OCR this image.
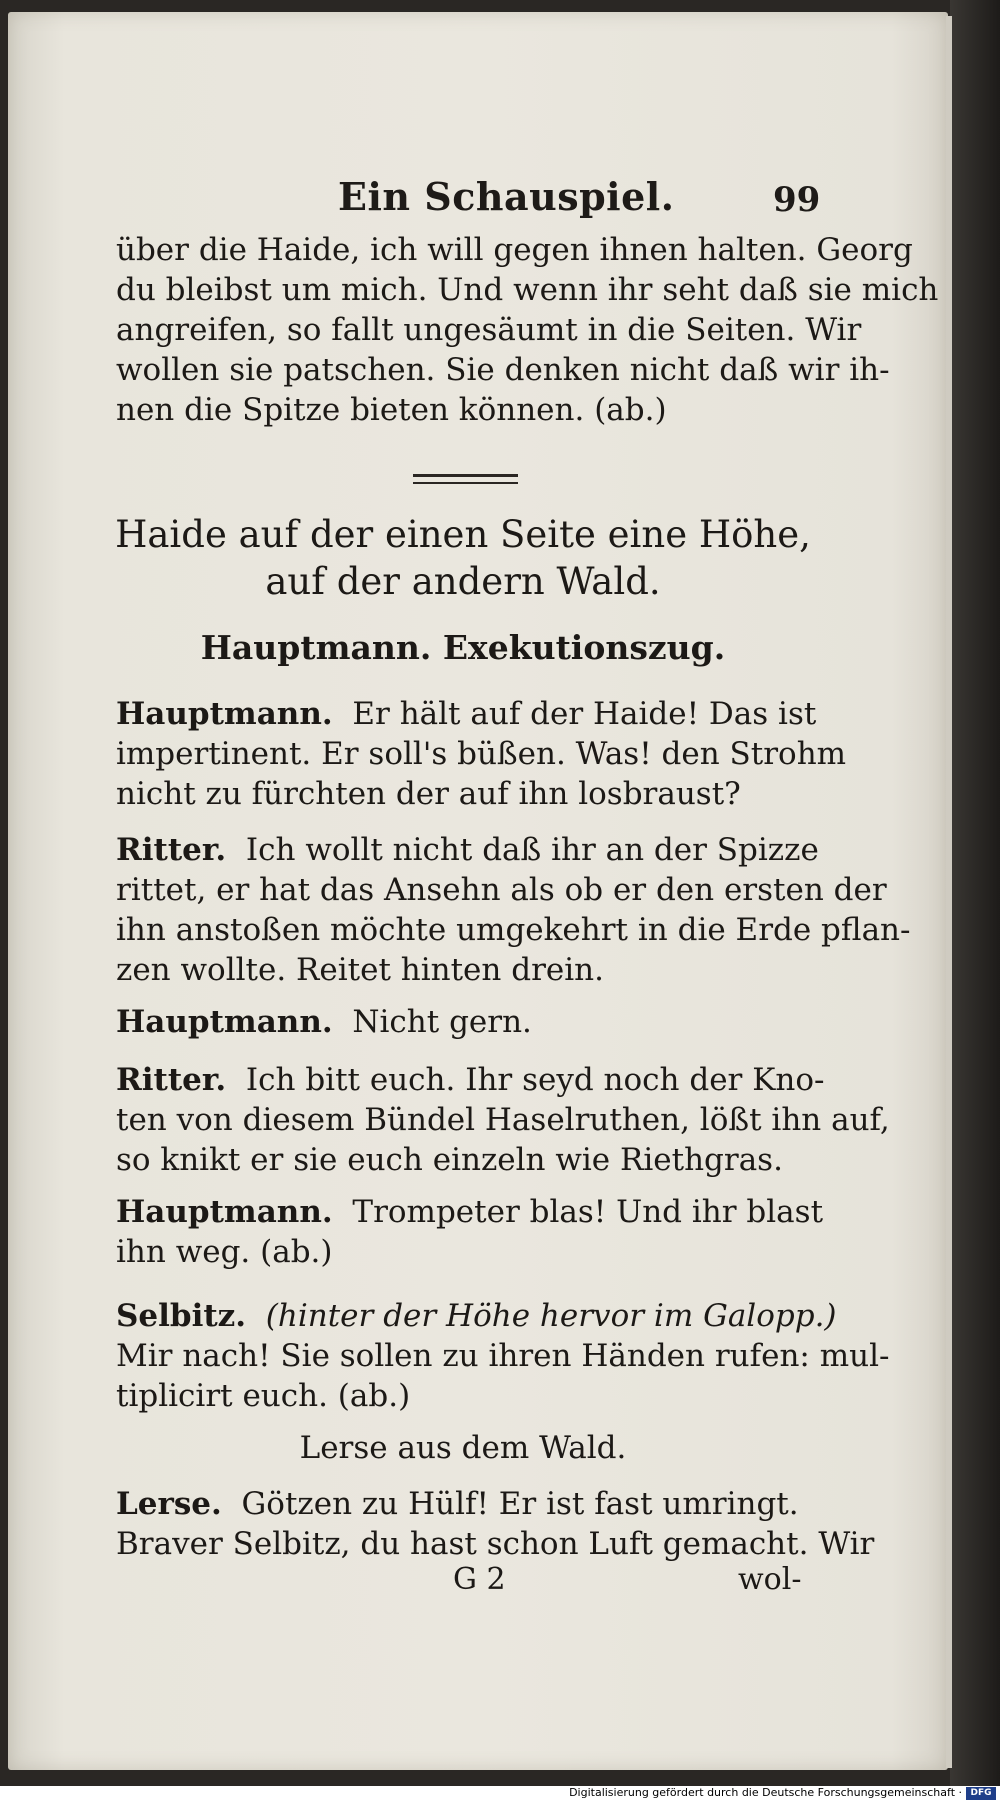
Ein Schauspiel.	99
über die Haide, ich will gegen ihnen halten. Georg
du bleibst um mich. Und wenn ihr seht daß sie mich
angreifen, so fallt ungesäumt in die Seiten. Wir
wollen sie patschen. Sie denken nicht daß wir ih-
nen die Spitze bieten können. (ab.)
Haide auf der einen Seite eine Höhe,
auf der andern Wald.
Hauptmann. Exekutionszug.
Hauptmann. Er hält auf der Haide! Das ist
impertinent. Er soll's büßen. Was! den Strohm
nicht zu fürchten der auf ihn losbraust?
Ritter. Ich wollt nicht daß ihr an der Spizze
rittet, er hat das Ansehn als ob er den ersten der
ihn anstoßen möchte umgekehrt in die Erde pflan-
zen wollte. Reitet hinten drein.
Hauptmann. Nicht gern.
Ritter. Ich bitt euch. Ihr seyd noch der Kno-
ten von diesem Bündel Haselruthen, lößt ihn auf,
so knikt er sie euch einzeln wie Riethgras.
Hauptmann. Trompeter blas! Und ihr blast
ihn weg. (ab.)
Selbitz. (hinter der Höhe hervor im Galopp.)
Mir nach! Sie sollen zu ihren Händen rufen: mul-
tiplicirt euch. (ab.)
Lerse aus dem Wald.
Lerse. Götzen zu Hülf! Er ist fast umringt.
Braver Selbitz, du hast schon Luft gemacht. Wir
G 2	wol-
Digitalisierung gefördert durch die Deutsche Forschungsgemeinschaft · DFG
